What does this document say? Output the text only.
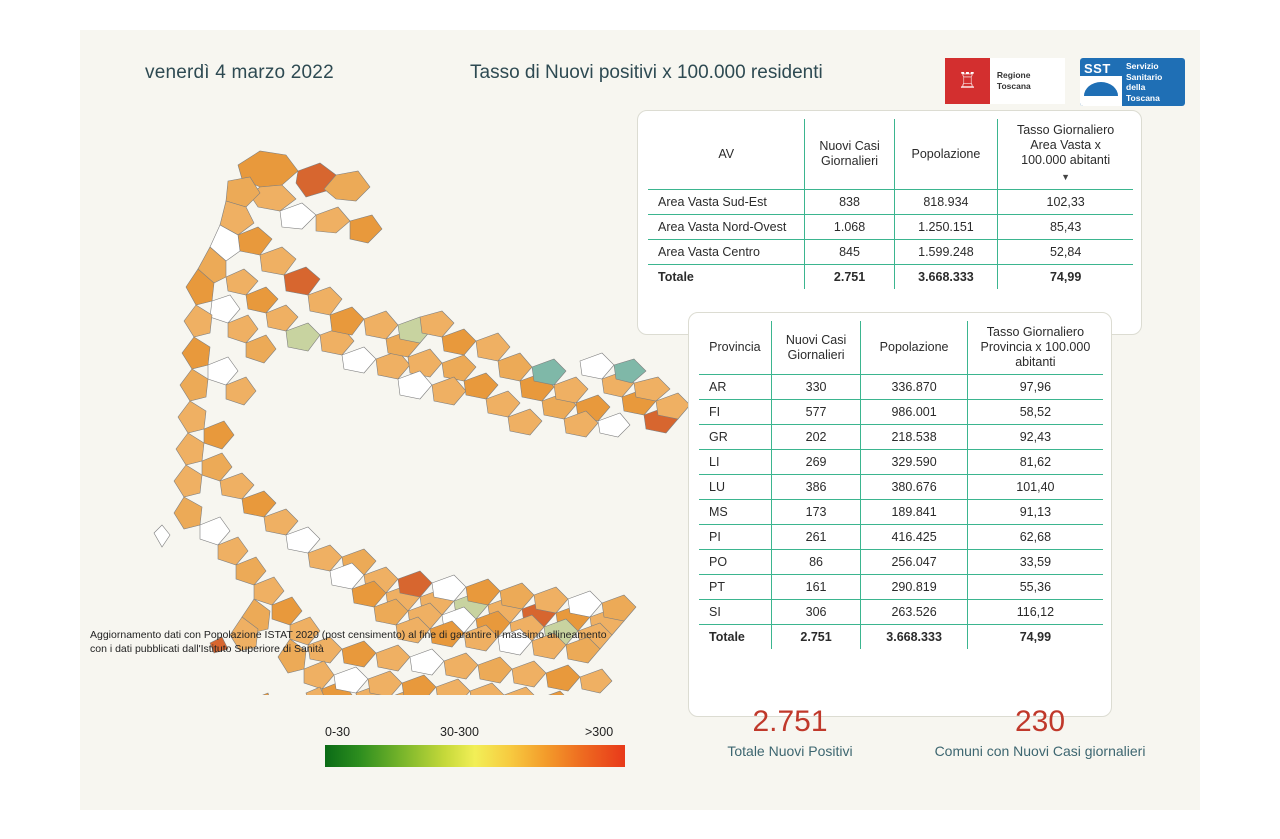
venerdì 4 marzo 2022	Tasso di Nuovi positivi x 100.000 residenti	♖	Regione Toscana
SST Servizio
Sanitario
della
Toscana
AV	Nuovi Casi
Giornalieri	Popolazione	Tasso Giornaliero
Area Vasta x
100.000 abitanti
▼

Area Vasta Sud-Est	838	818.934	102,33
Area Vasta Nord-Ovest	1.068	1.250.151	85,43
Area Vasta Centro	845	1.599.248	52,84
Totale	2.751	3.668.333	74,99
Provincia	Nuovi Casi
Giornalieri	Popolazione	Tasso Giornaliero
Provincia x 100.000
abitanti
AR	330	336.870	97,96
FI	577	986.001	58,52
GR	202	218.538	92,43
LI	269	329.590	81,62
LU	386	380.676	101,40
MS	173	189.841	91,13
PI	261	416.425	62,68
PO	86	256.047	33,59
PT	161	290.819	55,36
SI	306	263.526	116,12
Totale	2.751	3.668.333	74,99
Aggiornamento dati con Popolazione ISTAT 2020 (post censimento) al fine di garantire il massimo allineamento
con i dati pubblicati dall'Istituto Superiore di Sanità
0-30	30-300	>300	2.751
Totale Nuovi Positivi
230
Comuni con Nuovi Casi giornalieri
